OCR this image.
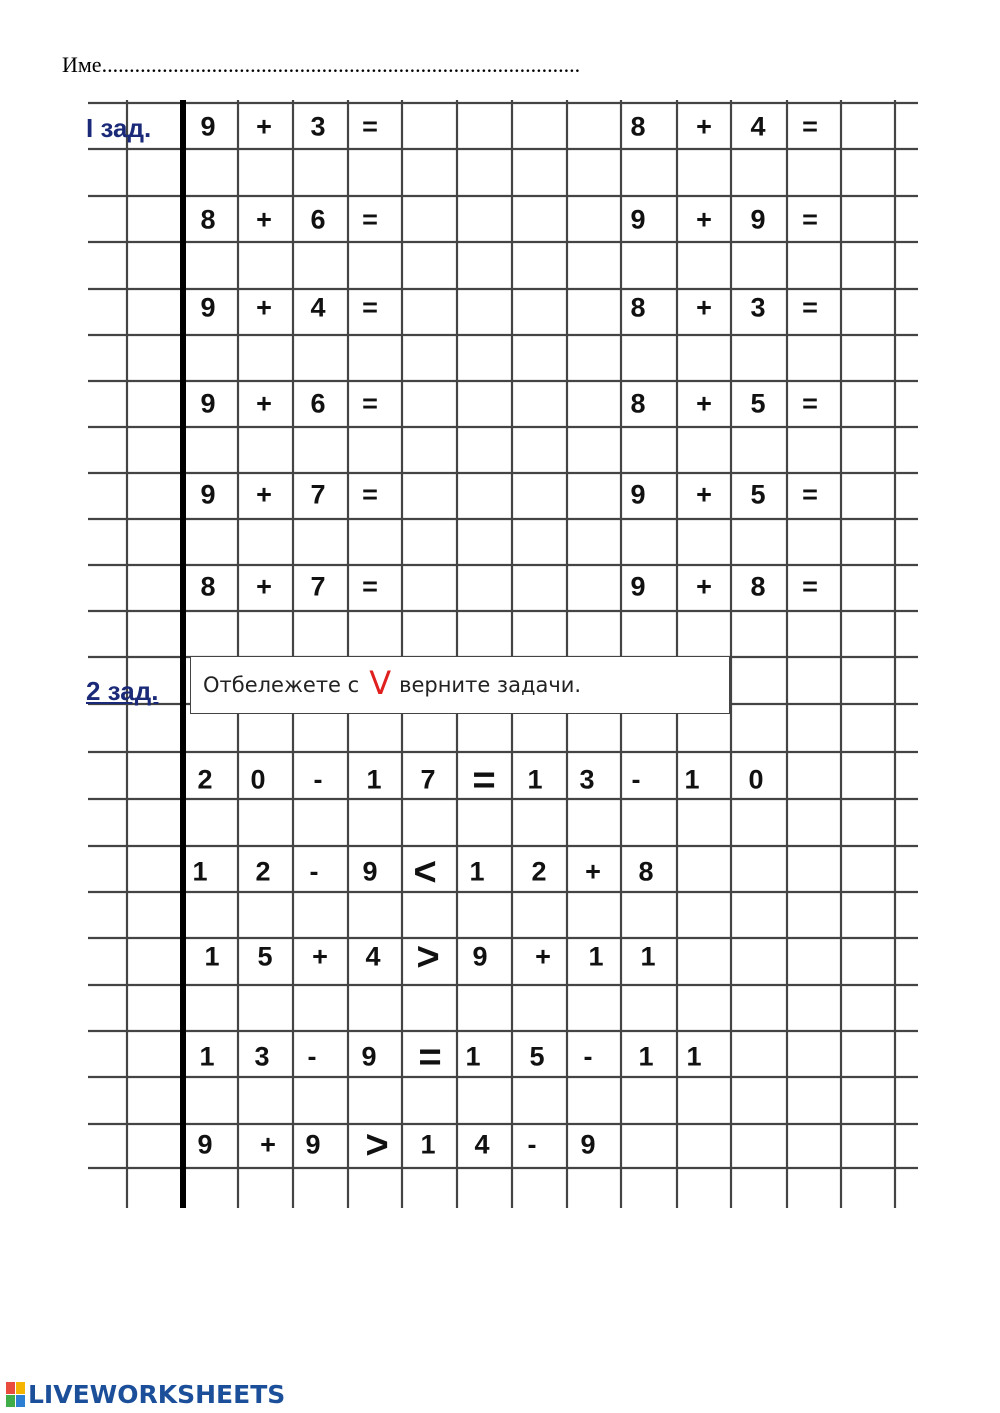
Име.......................................................................................
I зад.
2 зад.
9 + 3 =
8 + 6 =
9 + 4 =
9 + 6 =
9 + 7 =
8 + 7 =
8 + 4 =
9 + 9 =
8 + 3 =
8 + 5 =
9 + 5 =
9 + 8 =
2 0 - 1 7 = 1 3 - 1 0
1 2 - 9 < 1 2 + 8
1 5 + 4 > 9 + 1 1
1 3 - 9 = 1 5 - 1 1
9 + 9 > 1 4 - 9
Отбележете с V верните задачи.
LIVEWORKSHEETS
